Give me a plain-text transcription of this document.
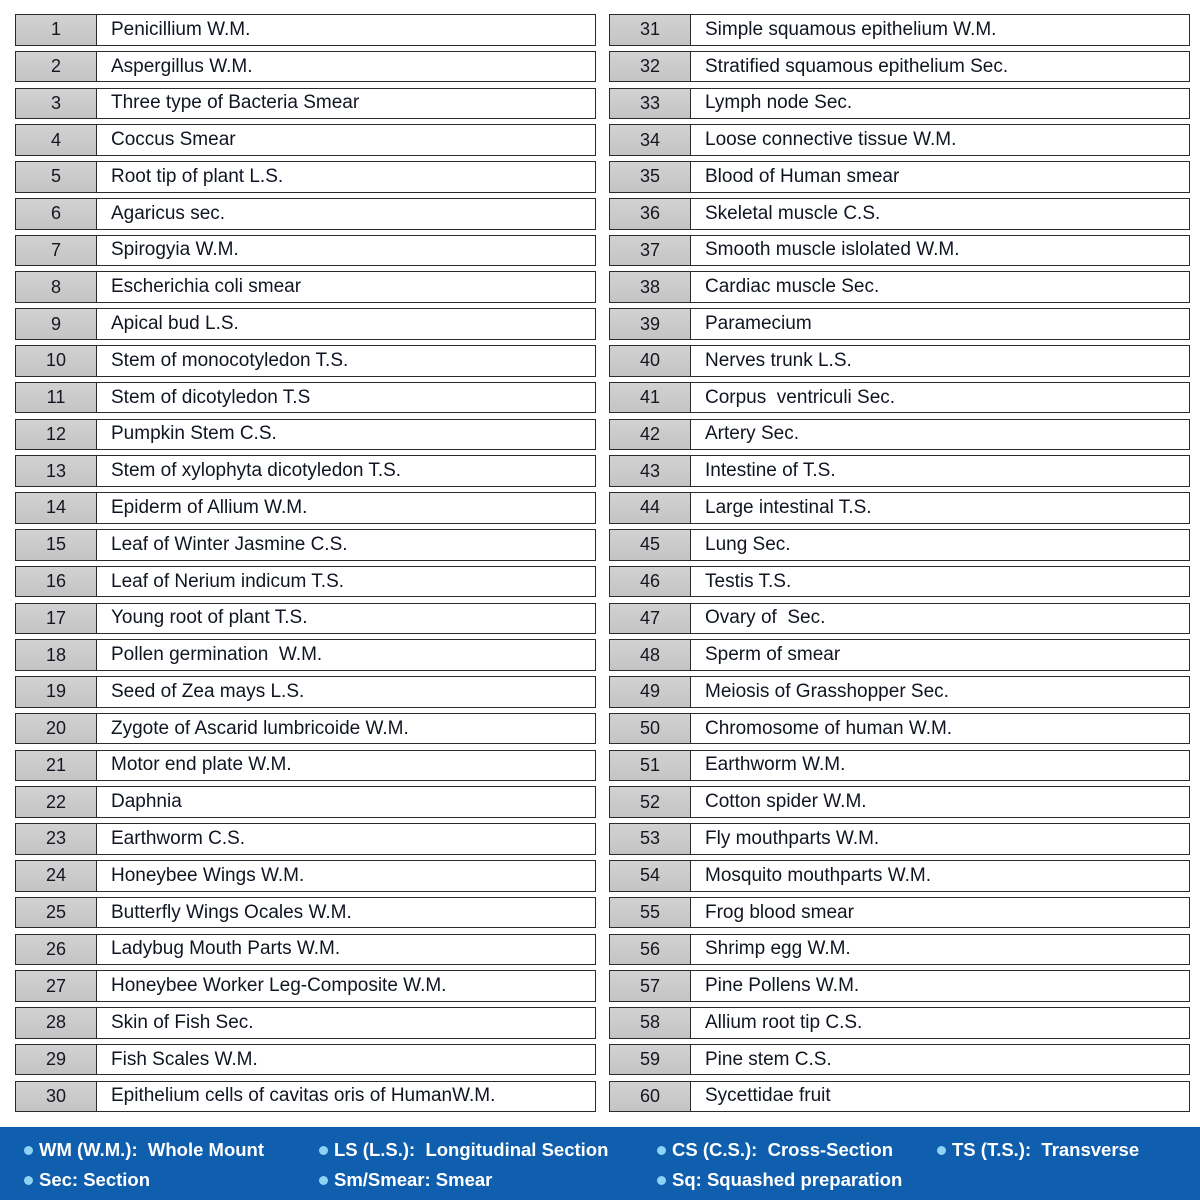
1	Penicillium W.M.
2	Aspergillus W.M.
3	Three type of Bacteria Smear
4	Coccus Smear
5	Root tip of plant L.S.
6	Agaricus sec.
7	Spirogyia W.M.
8	Escherichia coli smear
9	Apical bud L.S.
10	Stem of monocotyledon T.S.
11	Stem of dicotyledon T.S
12	Pumpkin Stem C.S.
13	Stem of xylophyta dicotyledon T.S.
14	Epiderm of Allium W.M.
15	Leaf of Winter Jasmine C.S.
16	Leaf of Nerium indicum T.S.
17	Young root of plant T.S.
18	Pollen germination  W.M.
19	Seed of Zea mays L.S.
20	Zygote of Ascarid lumbricoide W.M.
21	Motor end plate W.M.
22	Daphnia
23	Earthworm C.S.
24	Honeybee Wings W.M.
25	Butterfly Wings Ocales W.M.
26	Ladybug Mouth Parts W.M.
27	Honeybee Worker Leg-Composite W.M.
28	Skin of Fish Sec.
29	Fish Scales W.M.
30	Epithelium cells of cavitas oris of HumanW.M.
31	Simple squamous epithelium W.M.
32	Stratified squamous epithelium Sec.
33	Lymph node Sec.
34	Loose connective tissue W.M.
35	Blood of Human smear
36	Skeletal muscle C.S.
37	Smooth muscle islolated W.M.
38	Cardiac muscle Sec.
39	Paramecium
40	Nerves trunk L.S.
41	Corpus  ventriculi Sec.
42	Artery Sec.
43	Intestine of T.S.
44	Large intestinal T.S.
45	Lung Sec.
46	Testis T.S.
47	Ovary of  Sec.
48	Sperm of smear
49	Meiosis of Grasshopper Sec.
50	Chromosome of human W.M.
51	Earthworm W.M.
52	Cotton spider W.M.
53	Fly mouthparts W.M.
54	Mosquito mouthparts W.M.
55	Frog blood smear
56	Shrimp egg W.M.
57	Pine Pollens W.M.
58	Allium root tip C.S.
59	Pine stem C.S.
60	Sycettidae fruit
WM (W.M.):  Whole Mount	LS (L.S.):  Longitudinal Section	CS (C.S.):  Cross-Section	TS (T.S.):  Transverse
Sec: Section	Sm/Smear: Smear	Sq: Squashed preparation
